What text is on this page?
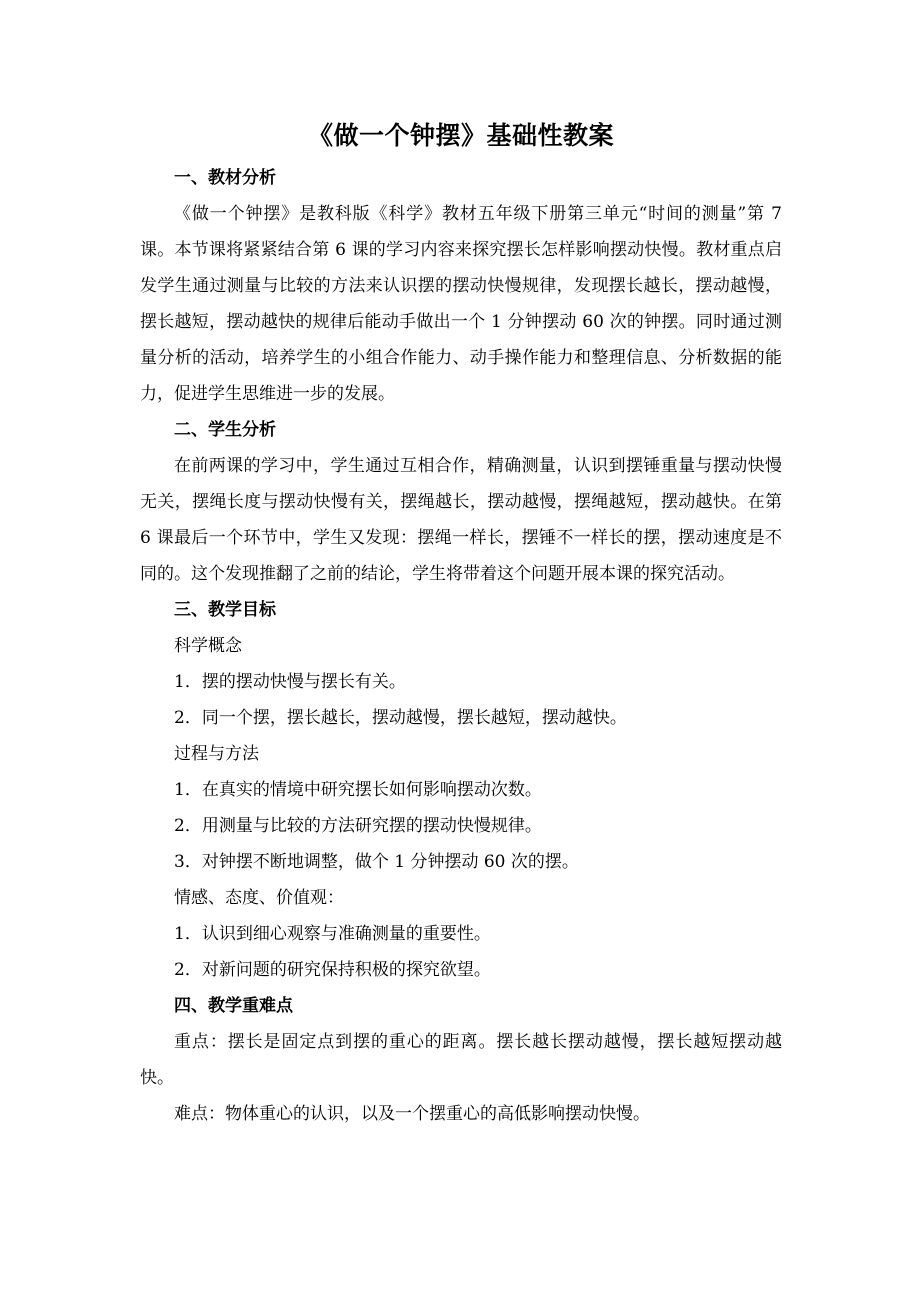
《做一个钟摆》基础性教案
一、教材分析

《做一个钟摆》是教科版《科学》教材五年级下册第三单元“时间的测量”第 7 课。本节课将紧紧结合第 6 课的学习内容来探究摆长怎样影响摆动快慢。教材重点启发学生通过测量与比较的方法来认识摆的摆动快慢规律，发现摆长越长，摆动越慢，摆长越短，摆动越快的规律后能动手做出一个 1 分钟摆动 60 次的钟摆。同时通过测量分析的活动，培养学生的小组合作能力、动手操作能力和整理信息、分析数据的能力，促进学生思维进一步的发展。

二、学生分析

在前两课的学习中，学生通过互相合作，精确测量，认识到摆锤重量与摆动快慢无关，摆绳长度与摆动快慢有关，摆绳越长，摆动越慢，摆绳越短，摆动越快。在第 6 课最后一个环节中，学生又发现：摆绳一样长，摆锤不一样长的摆，摆动速度是不同的。这个发现推翻了之前的结论，学生将带着这个问题开展本课的探究活动。

三、教学目标
科学概念
1．摆的摆动快慢与摆长有关。
2．同一个摆，摆长越长，摆动越慢，摆长越短，摆动越快。
过程与方法
1．在真实的情境中研究摆长如何影响摆动次数。
2．用测量与比较的方法研究摆的摆动快慢规律。
3．对钟摆不断地调整，做个 1 分钟摆动 60 次的摆。
情感、态度、价值观：
1．认识到细心观察与准确测量的重要性。
2．对新问题的研究保持积极的探究欲望。
四、教学重难点

重点：摆长是固定点到摆的重心的距离。摆长越长摆动越慢，摆长越短摆动越快。

难点：物体重心的认识，以及一个摆重心的高低影响摆动快慢。
